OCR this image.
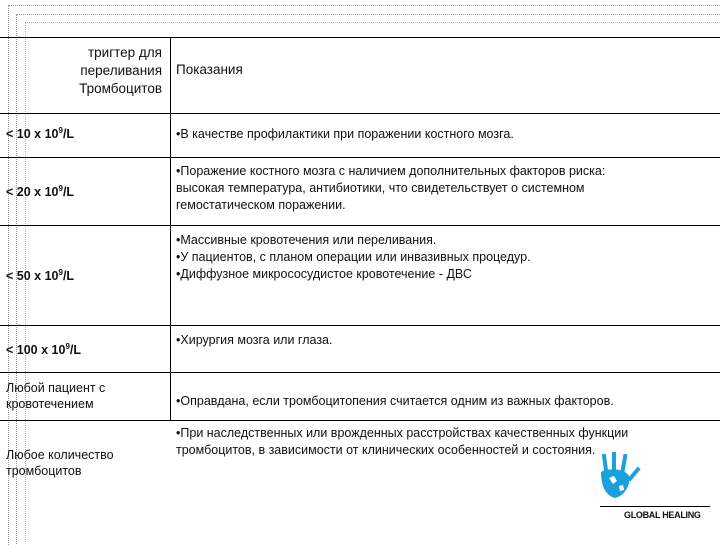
тригтер для
переливания
Тромбоцитов
Показания
< 10 x $10^9/L$	•В качестве профилактики при поражении костного мозга.
< 20 x $10^9/L$
•Поражение костного мозга с наличием дополнительных факторов риска:
высокая температура, антибиотики, что свидетельствует о системном
гемостатическом поражении.
< 50 x $10^9/L$
•Массивные кровотечения или переливания.
•У пациентов, с планом операции или инвазивных процедур.
•Диффузное микрососудистое кровотечение - ДВС
< 100 x $10^9/L$
•Хирургия мозга или глаза.
Любой пациент с
кровотечением	•Оправдана, если тромбоцитопения считается одним из важных факторов.
Любое количество
тромбоцитов
•При наследственных или врожденных расстройствах качественных функции
тромбоцитов, в зависимости от клинических особенностей и состояния.
GLOBAL HEALING
